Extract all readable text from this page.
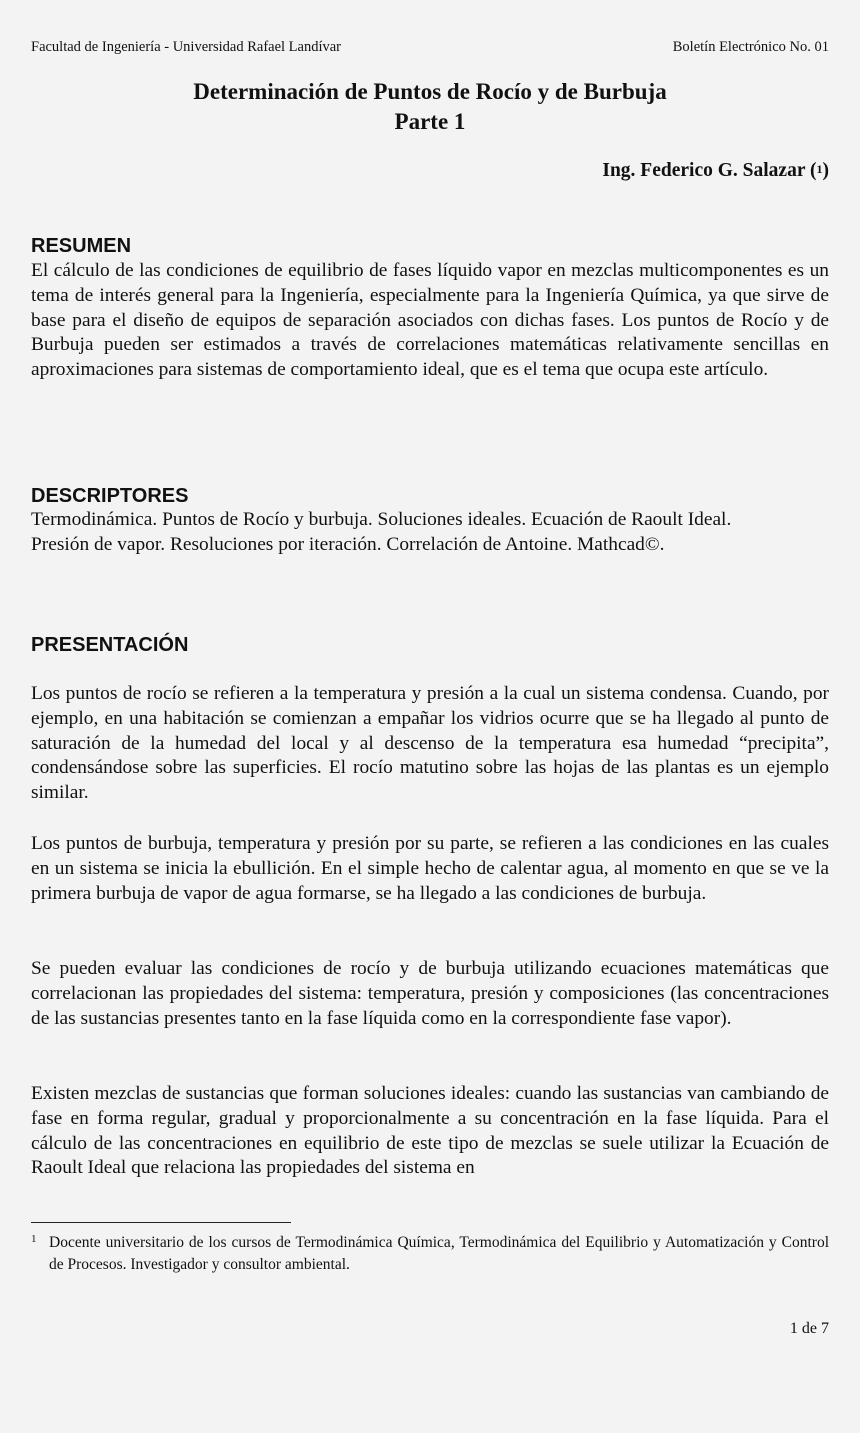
Facultad de Ingeniería - Universidad Rafael Landívar	Boletín Electrónico No. 01
Determinación de Puntos de Rocío y de Burbuja
Parte 1
Ing. Federico G. Salazar ($^1$)
RESUMEN

El cálculo de las condiciones de equilibrio de fases líquido vapor en mezclas multicomponentes es un tema de interés general para la Ingeniería, especialmente para la Ingeniería Química, ya que sirve de base para el diseño de equipos de separación asociados con dichas fases. Los puntos de Rocío y de Burbuja pueden ser estimados a través de correlaciones matemáticas relativamente sencillas en aproximaciones para sistemas de comportamiento ideal, que es el tema que ocupa este artículo.

DESCRIPTORES

Termodinámica. Puntos de Rocío y burbuja. Soluciones ideales. Ecuación de Raoult Ideal.

Presión de vapor. Resoluciones por iteración. Correlación de Antoine. Mathcad©.

PRESENTACIÓN

Los puntos de rocío se refieren a la temperatura y presión a la cual un sistema condensa. Cuando, por ejemplo, en una habitación se comienzan a empañar los vidrios ocurre que se ha llegado al punto de saturación de la humedad del local y al descenso de la temperatura esa humedad “precipita”, condensándose sobre las superficies. El rocío matutino sobre las hojas de las plantas es un ejemplo similar.

Los puntos de burbuja, temperatura y presión por su parte, se refieren a las condiciones en las cuales en un sistema se inicia la ebullición. En el simple hecho de calentar agua, al momento en que se ve la primera burbuja de vapor de agua formarse, se ha llegado a las condiciones de burbuja.

Se pueden evaluar las condiciones de rocío y de burbuja utilizando ecuaciones matemáticas que correlacionan las propiedades del sistema: temperatura, presión y composiciones (las concentraciones de las sustancias presentes tanto en la fase líquida como en la correspondiente fase vapor).

Existen mezclas de sustancias que forman soluciones ideales: cuando las sustancias van cambiando de fase en forma regular, gradual y proporcionalmente a su concentración en la fase líquida. Para el cálculo de las concentraciones en equilibrio de este tipo de mezclas se suele utilizar la Ecuación de Raoult Ideal que relaciona las propiedades del sistema en

1 Docente universitario de los cursos de Termodinámica Química, Termodinámica del Equilibrio y Automatización y Control de Procesos. Investigador y consultor ambiental.
1 de 7
